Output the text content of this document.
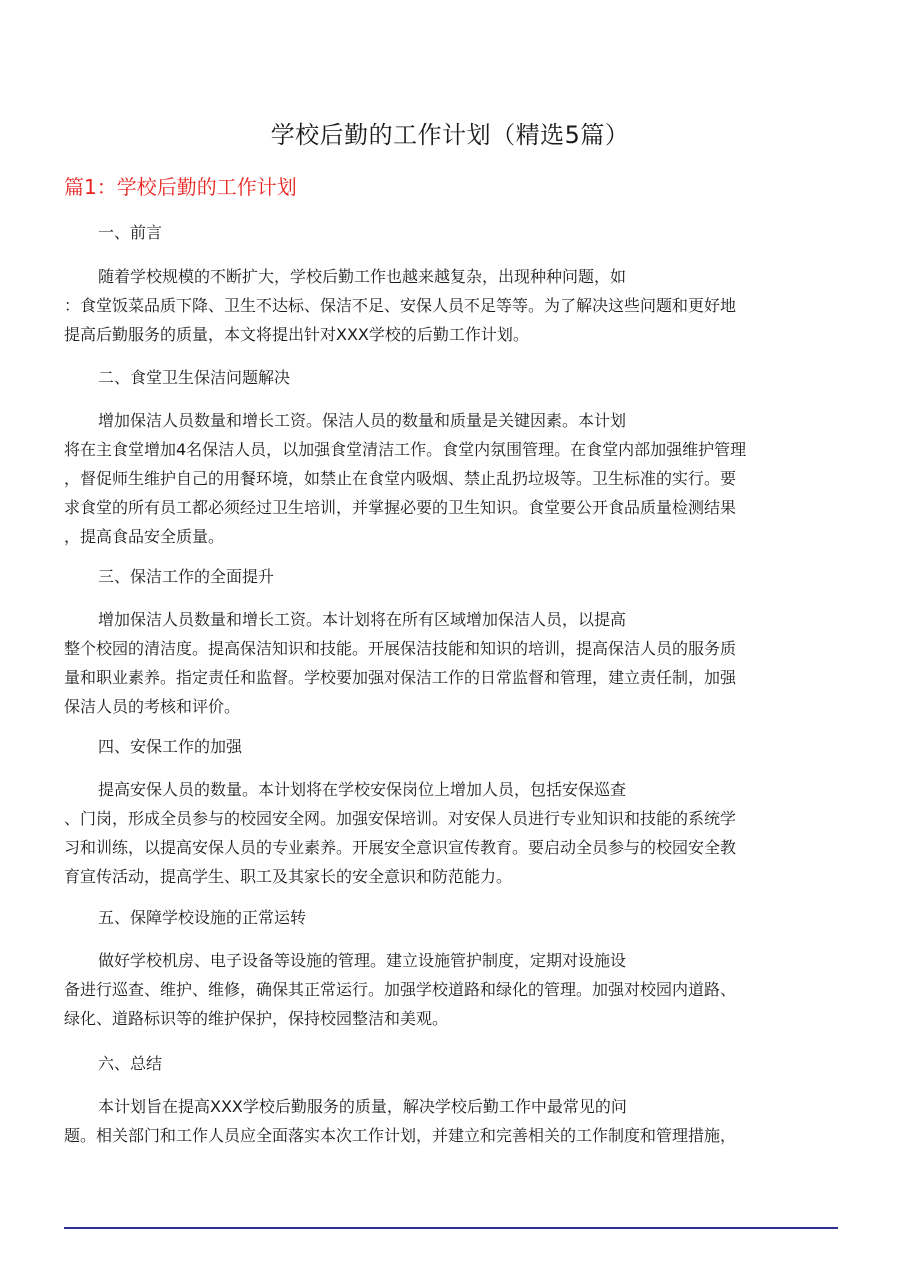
学校后勤的工作计划（精选5篇）
篇1：学校后勤的工作计划
一、前言
随着学校规模的不断扩大，学校后勤工作也越来越复杂，出现种种问题，如
：食堂饭菜品质下降、卫生不达标、保洁不足、安保人员不足等等。为了解决这些问题和更好地
提高后勤服务的质量，本文将提出针对XXX学校的后勤工作计划。
二、食堂卫生保洁问题解决
增加保洁人员数量和增长工资。保洁人员的数量和质量是关键因素。本计划
将在主食堂增加4名保洁人员，以加强食堂清洁工作。食堂内氛围管理。在食堂内部加强维护管理
，督促师生维护自己的用餐环境，如禁止在食堂内吸烟、禁止乱扔垃圾等。卫生标准的实行。要
求食堂的所有员工都必须经过卫生培训，并掌握必要的卫生知识。食堂要公开食品质量检测结果
，提高食品安全质量。
三、保洁工作的全面提升
增加保洁人员数量和增长工资。本计划将在所有区域增加保洁人员，以提高
整个校园的清洁度。提高保洁知识和技能。开展保洁技能和知识的培训，提高保洁人员的服务质
量和职业素养。指定责任和监督。学校要加强对保洁工作的日常监督和管理，建立责任制，加强
保洁人员的考核和评价。
四、安保工作的加强
提高安保人员的数量。本计划将在学校安保岗位上增加人员，包括安保巡查
、门岗，形成全员参与的校园安全网。加强安保培训。对安保人员进行专业知识和技能的系统学
习和训练，以提高安保人员的专业素养。开展安全意识宣传教育。要启动全员参与的校园安全教
育宣传活动，提高学生、职工及其家长的安全意识和防范能力。
五、保障学校设施的正常运转
做好学校机房、电子设备等设施的管理。建立设施管护制度，定期对设施设
备进行巡查、维护、维修，确保其正常运行。加强学校道路和绿化的管理。加强对校园内道路、
绿化、道路标识等的维护保护，保持校园整洁和美观。
六、总结
本计划旨在提高XXX学校后勤服务的质量，解决学校后勤工作中最常见的问
题。相关部门和工作人员应全面落实本次工作计划，并建立和完善相关的工作制度和管理措施，
